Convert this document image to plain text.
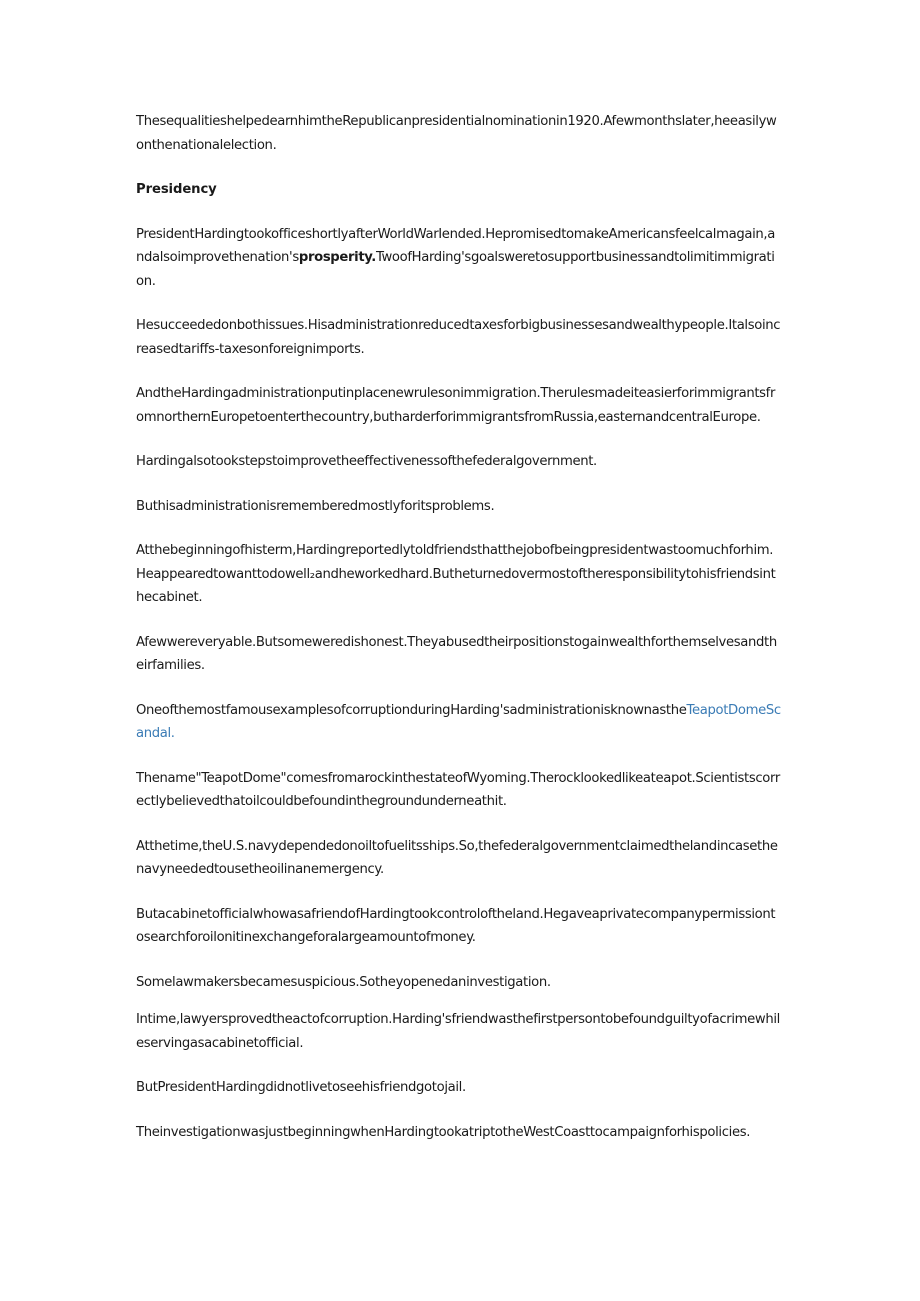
ThesequalitieshelpedearnhimtheRepublicanpresidentialnominationin1920.Afewmonthslater,heeasilywonthenationalelection.

Presidency

PresidentHardingtookofficeshortlyafterWorldWarIended.HepromisedtomakeAmericansfeelcalmagain,andalsoimprovethenation'sprosperity.TwoofHarding'sgoalsweretosupportbusinessandtolimitimmigration.

Hesucceededonbothissues.Hisadministrationreducedtaxesforbigbusinessesandwealthypeople.Italsoincreasedtariffs-taxesonforeignimports.

AndtheHardingadministrationputinplacenewrulesonimmigration.TherulesmadeiteasierforimmigrantsfromnorthernEuropetoenterthecountry,butharderforimmigrantsfromRussia,easternandcentralEurope.

Hardingalsotookstepstoimprovetheeffectivenessofthefederalgovernment.

Buthisadministrationisrememberedmostlyforitsproblems.

Atthebeginningofhisterm,Hardingreportedlytoldfriendsthatthejobofbeingpresidentwastoomuchforhim.Heappearedtowanttodowell₂andheworkedhard.Butheturnedovermostoftheresponsibilitytohisfriendsinthecabinet.

Afewwereveryable.Butsomeweredishonest.Theyabusedtheirpositionstogainwealthforthemselvesandtheirfamilies.

OneofthemostfamousexamplesofcorruptionduringHarding'sadministrationisknownastheTeapotDomeScandal.

Thename"TeapotDome"comesfromarockinthestateofWyoming.Therocklookedlikeateapot.Scientistscorrectlybelievedthatoilcouldbefoundinthegroundunderneathit.

Atthetime,theU.S.navydependedonoiltofuelitsships.So,thefederalgovernmentclaimedthelandincasethenavyneededtousetheoilinanemergency.

ButacabinetofficialwhowasafriendofHardingtookcontroloftheland.Hegaveaprivatecompanypermissiontosearchforoilonitinexchangeforalargeamountofmoney.

Somelawmakersbecamesuspicious.Sotheyopenedaninvestigation.

Intime,lawyersprovedtheactofcorruption.Harding'sfriendwasthefirstpersontobefoundguiltyofacrimewhileservingasacabinetofficial.

ButPresidentHardingdidnotlivetoseehisfriendgotojail.

TheinvestigationwasjustbeginningwhenHardingtookatriptotheWestCoasttocampaignforhispolicies.
